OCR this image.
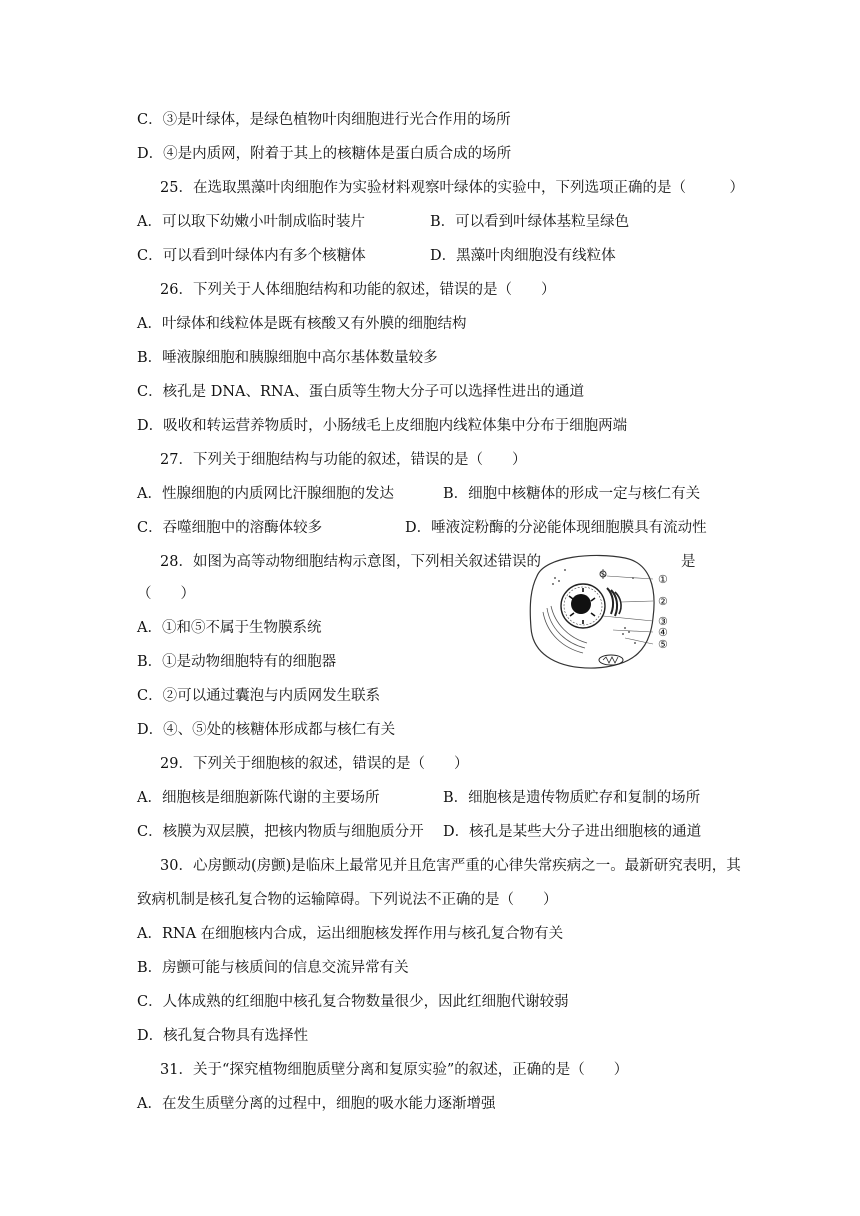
C．③是叶绿体，是绿色植物叶肉细胞进行光合作用的场所
D．④是内质网，附着于其上的核糖体是蛋白质合成的场所
25．在选取黑藻叶肉细胞作为实验材料观察叶绿体的实验中，下列选项正确的是（　　　）
A．可以取下幼嫩小叶制成临时装片	B．可以看到叶绿体基粒呈绿色
C．可以看到叶绿体内有多个核糖体	D．黑藻叶肉细胞没有线粒体
26．下列关于人体细胞结构和功能的叙述，错误的是（　　）
A．叶绿体和线粒体是既有核酸又有外膜的细胞结构
B．唾液腺细胞和胰腺细胞中高尔基体数量较多
C．核孔是 DNA、RNA、蛋白质等生物大分子可以选择性进出的通道
D．吸收和转运营养物质时，小肠绒毛上皮细胞内线粒体集中分布于细胞两端
27．下列关于细胞结构与功能的叙述，错误的是（　　）
A．性腺细胞的内质网比汗腺细胞的发达	B．细胞中核糖体的形成一定与核仁有关
C．吞噬细胞中的溶酶体较多	D．唾液淀粉酶的分泌能体现细胞膜具有流动性
28．如图为高等动物细胞结构示意图，下列相关叙述错误的	是
（　　）
A．①和⑤不属于生物膜系统
B．①是动物细胞特有的细胞器
C．②可以通过囊泡与内质网发生联系
D．④、⑤处的核糖体形成都与核仁有关
①
②
③
④
⑤
29．下列关于细胞核的叙述，错误的是（　　）
A．细胞核是细胞新陈代谢的主要场所	B．细胞核是遗传物质贮存和复制的场所
C．核膜为双层膜，把核内物质与细胞质分开 D．核孔是某些大分子进出细胞核的通道
30．心房颤动(房颤)是临床上最常见并且危害严重的心律失常疾病之一。最新研究表明，其
致病机制是核孔复合物的运输障碍。下列说法不正确的是（　　）
A．RNA 在细胞核内合成，运出细胞核发挥作用与核孔复合物有关
B．房颤可能与核质间的信息交流异常有关
C．人体成熟的红细胞中核孔复合物数量很少，因此红细胞代谢较弱
D．核孔复合物具有选择性
31．关于“探究植物细胞质壁分离和复原实验”的叙述，正确的是（　　）
A．在发生质壁分离的过程中，细胞的吸水能力逐渐增强
